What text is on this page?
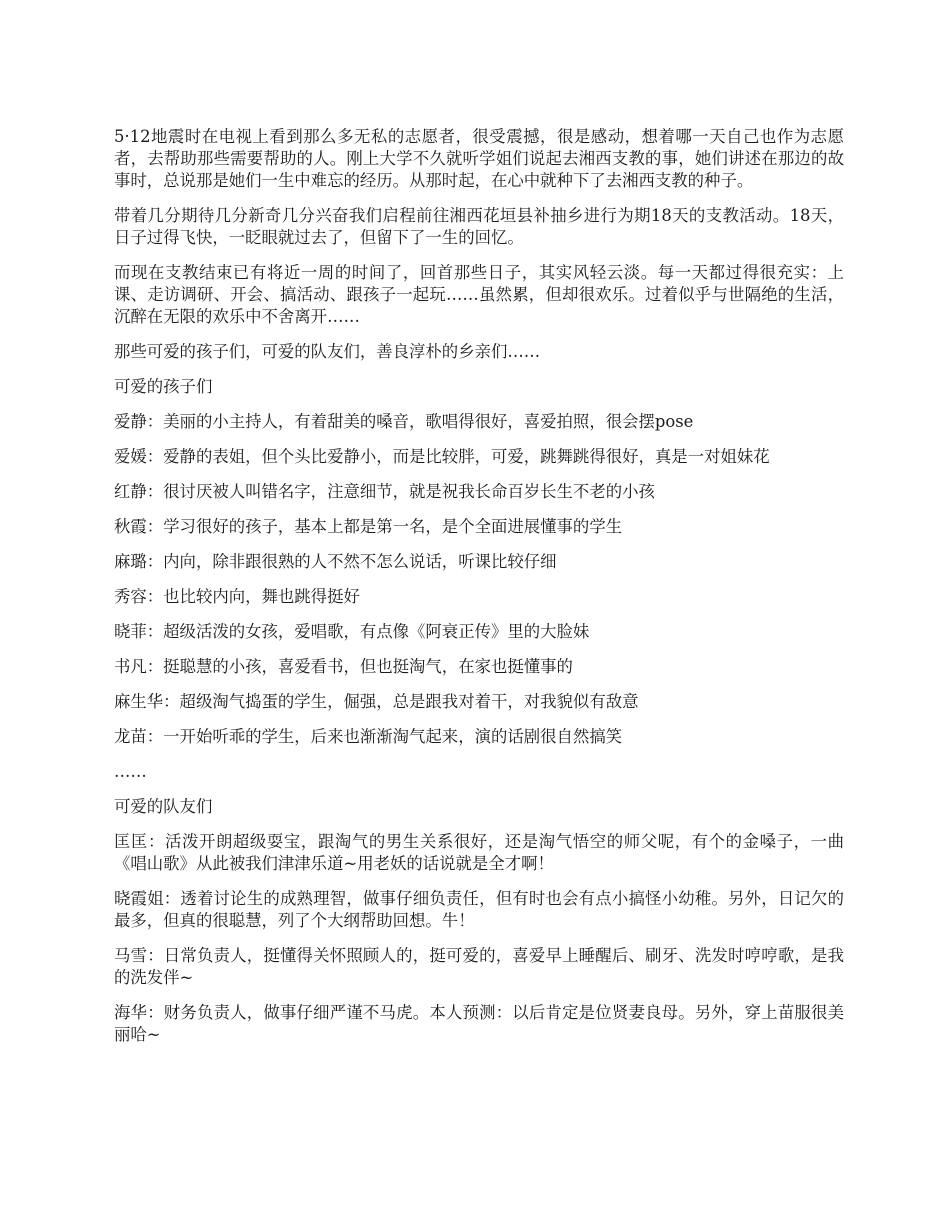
5·12地震时在电视上看到那么多无私的志愿者，很受震撼，很是感动，想着哪一天自己也作为志愿者，去帮助那些需要帮助的人。刚上大学不久就听学姐们说起去湘西支教的事，她们讲述在那边的故事时，总说那是她们一生中难忘的经历。从那时起，在心中就种下了去湘西支教的种子。

带着几分期待几分新奇几分兴奋我们启程前往湘西花垣县补抽乡进行为期18天的支教活动。18天，日子过得飞快，一眨眼就过去了，但留下了一生的回忆。

而现在支教结束已有将近一周的时间了，回首那些日子，其实风轻云淡。每一天都过得很充实：上课、走访调研、开会、搞活动、跟孩子一起玩……虽然累，但却很欢乐。过着似乎与世隔绝的生活，沉醉在无限的欢乐中不舍离开……

那些可爱的孩子们，可爱的队友们，善良淳朴的乡亲们……

可爱的孩子们

爱静：美丽的小主持人，有着甜美的嗓音，歌唱得很好，喜爱拍照，很会摆pose

爱媛：爱静的表姐，但个头比爱静小，而是比较胖，可爱，跳舞跳得很好，真是一对姐妹花

红静：很讨厌被人叫错名字，注意细节，就是祝我长命百岁长生不老的小孩

秋霞：学习很好的孩子，基本上都是第一名，是个全面进展懂事的学生

麻璐：内向，除非跟很熟的人不然不怎么说话，听课比较仔细

秀容：也比较内向，舞也跳得挺好

晓菲：超级活泼的女孩，爱唱歌，有点像《阿衰正传》里的大脸妹

书凡：挺聪慧的小孩，喜爱看书，但也挺淘气，在家也挺懂事的

麻生华：超级淘气捣蛋的学生，倔强，总是跟我对着干，对我貌似有敌意

龙苗：一开始听乖的学生，后来也渐渐淘气起来，演的话剧很自然搞笑

……

可爱的队友们

匡匡：活泼开朗超级耍宝，跟淘气的男生关系很好，还是淘气悟空的师父呢，有个的金嗓子，一曲《唱山歌》从此被我们津津乐道~用老妖的话说就是全才啊！

晓霞姐：透着讨论生的成熟理智，做事仔细负责任，但有时也会有点小搞怪小幼稚。另外，日记欠的最多，但真的很聪慧，列了个大纲帮助回想。牛！

马雪：日常负责人，挺懂得关怀照顾人的，挺可爱的，喜爱早上睡醒后、刷牙、洗发时哼哼歌，是我的洗发伴~

海华：财务负责人，做事仔细严谨不马虎。本人预测：以后肯定是位贤妻良母。另外，穿上苗服很美丽哈~
